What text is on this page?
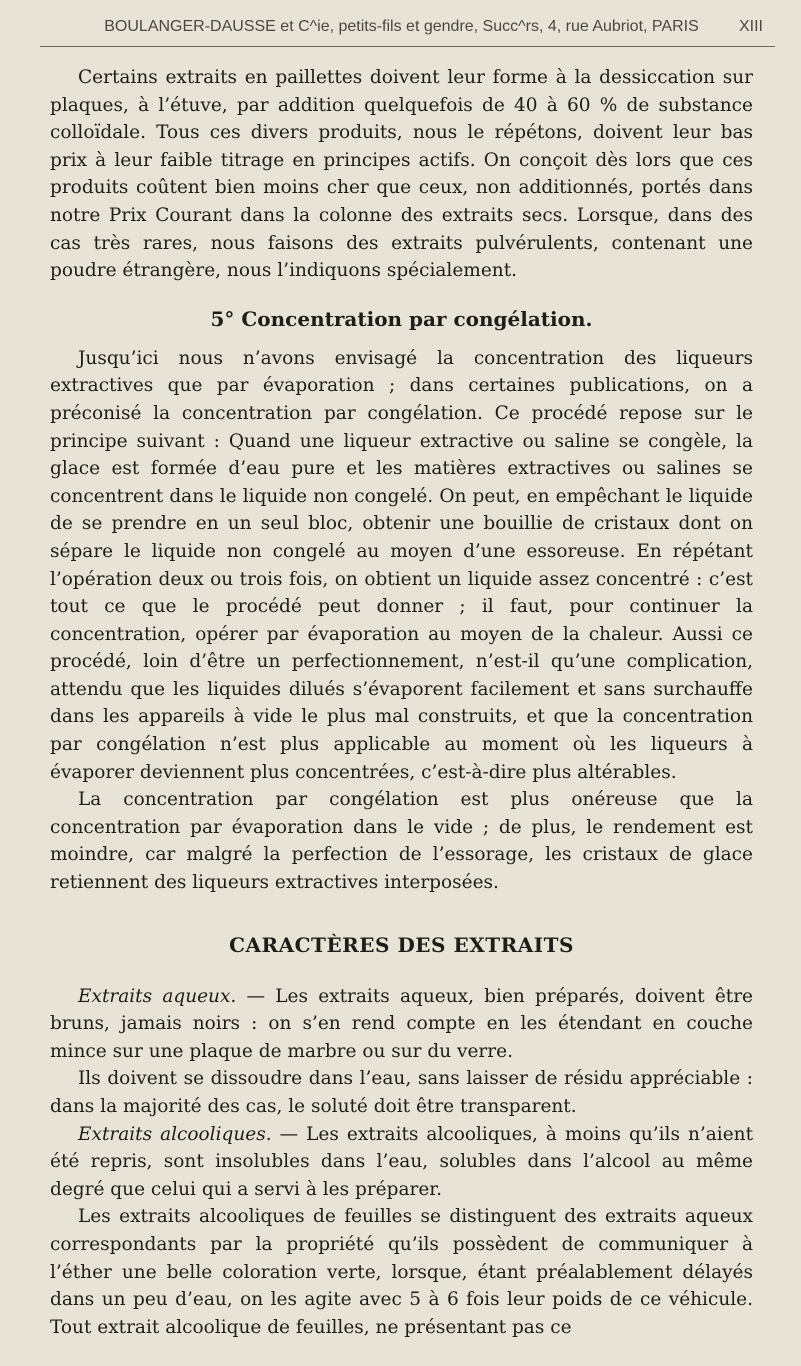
BOULANGER-DAUSSE et C^ie, petits-fils et gendre, Succ^rs, 4, rue Aubriot, PARIS	XIII

Certains extraits en paillettes doivent leur forme à la dessiccation sur plaques, à l’étuve, par addition quelquefois de 40 à 60 % de substance colloïdale. Tous ces divers produits, nous le répétons, doivent leur bas prix à leur faible titrage en principes actifs. On conçoit dès lors que ces produits coûtent bien moins cher que ceux, non additionnés, portés dans notre Prix Courant dans la colonne des extraits secs. Lorsque, dans des cas très rares, nous faisons des extraits pulvérulents, contenant une poudre étrangère, nous l’indiquons spécialement.

5° Concentration par congélation.

Jusqu’ici nous n’avons envisagé la concentration des liqueurs extractives que par évaporation ; dans certaines publications, on a préconisé la concentration par congélation. Ce procédé repose sur le principe suivant : Quand une liqueur extractive ou saline se congèle, la glace est formée d’eau pure et les matières extractives ou salines se concentrent dans le liquide non congelé. On peut, en empêchant le liquide de se prendre en un seul bloc, obtenir une bouillie de cristaux dont on sépare le liquide non congelé au moyen d’une essoreuse. En répétant l’opération deux ou trois fois, on obtient un liquide assez concentré : c’est tout ce que le procédé peut donner ; il faut, pour continuer la concentration, opérer par évaporation au moyen de la chaleur. Aussi ce procédé, loin d’être un perfectionnement, n’est-il qu’une complication, attendu que les liquides dilués s’évaporent facilement et sans surchauffe dans les appareils à vide le plus mal construits, et que la concentration par congélation n’est plus applicable au moment où les liqueurs à évaporer deviennent plus concentrées, c’est-à-dire plus altérables.

La concentration par congélation est plus onéreuse que la concentration par évaporation dans le vide ; de plus, le rendement est moindre, car malgré la perfection de l’essorage, les cristaux de glace retiennent des liqueurs extractives interposées.

CARACTÈRES DES EXTRAITS

Extraits aqueux. — Les extraits aqueux, bien préparés, doivent être bruns, jamais noirs : on s’en rend compte en les étendant en couche mince sur une plaque de marbre ou sur du verre.

Ils doivent se dissoudre dans l’eau, sans laisser de résidu appréciable : dans la majorité des cas, le soluté doit être transparent.

Extraits alcooliques. — Les extraits alcooliques, à moins qu’ils n’aient été repris, sont insolubles dans l’eau, solubles dans l’alcool au même degré que celui qui a servi à les préparer.

Les extraits alcooliques de feuilles se distinguent des extraits aqueux correspondants par la propriété qu’ils possèdent de communiquer à l’éther une belle coloration verte, lorsque, étant préalablement délayés dans un peu d’eau, on les agite avec 5 à 6 fois leur poids de ce véhicule. Tout extrait alcoolique de feuilles, ne présentant pas ce
